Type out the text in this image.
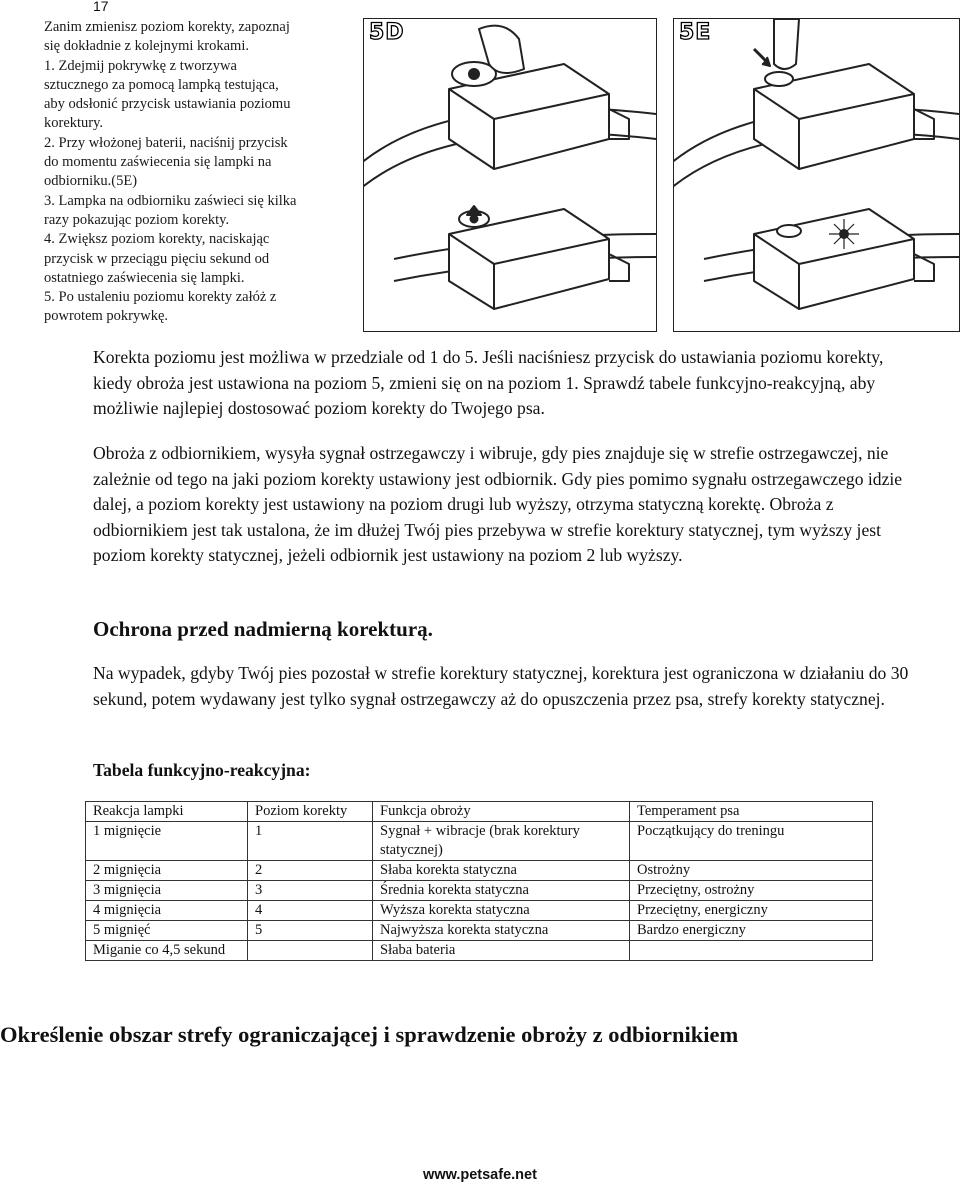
17
Zanim zmienisz poziom korekty, zapoznaj
się dokładnie z kolejnymi krokami.
1. Zdejmij pokrywkę z tworzywa
sztucznego za pomocą lampką testująca,
aby odsłonić przycisk ustawiania poziomu
korektury.
2. Przy włożonej baterii, naciśnij przycisk
do momentu zaświecenia się lampki na
odbiorniku.(5E)
3. Lampka na odbiorniku zaświeci się kilka
razy pokazując poziom korekty.
4. Zwiększ poziom korekty, naciskając
przycisk w przeciągu pięciu sekund od
ostatniego zaświecenia się lampki.
5. Po ustaleniu poziomu korekty załóż z
powrotem pokrywkę.
5D	5E

Korekta poziomu jest możliwa w przedziale od 1 do 5. Jeśli naciśniesz przycisk do ustawiania poziomu korekty, kiedy obroża jest ustawiona na poziom 5, zmieni się on na poziom 1. Sprawdź tabele funkcyjno-reakcyjną, aby możliwie najlepiej dostosować poziom korekty do Twojego psa.

Obroża z odbiornikiem, wysyła sygnał ostrzegawczy i wibruje, gdy pies znajduje się w strefie ostrzegawczej, nie zależnie od tego na jaki poziom korekty ustawiony jest odbiornik. Gdy pies pomimo sygnału ostrzegawczego idzie dalej, a poziom korekty jest ustawiony na poziom drugi lub wyższy, otrzyma statyczną korektę. Obroża z odbiornikiem jest tak ustalona, że im dłużej Twój pies przebywa w strefie korektury statycznej, tym wyższy jest poziom korekty statycznej, jeżeli odbiornik jest ustawiony na poziom 2 lub wyższy.

Ochrona przed nadmierną korekturą.

Na wypadek, gdyby Twój pies pozostał w strefie korektury statycznej, korektura jest ograniczona w działaniu do 30 sekund, potem wydawany jest tylko sygnał ostrzegawczy aż do opuszczenia przez psa, strefy korekty statycznej.

Tabela funkcyjno-reakcyjna:
Reakcja lampki	Poziom korekty	Funkcja obroży	Temperament psa
1 mignięcie	1	Sygnał + wibracje (brak korektury statycznej)	Początkujący do treningu
2 mignięcia	2	Słaba korekta statyczna	Ostrożny
3 mignięcia	3	Średnia korekta statyczna	Przeciętny, ostrożny
4 mignięcia	4	Wyższa korekta statyczna	Przeciętny, energiczny
5 mignięć	5	Najwyższa korekta statyczna	Bardzo energiczny
Miganie co 4,5 sekund		Słaba bateria	
Określenie obszar strefy ograniczającej i sprawdzenie obroży z odbiornikiem
www.petsafe.net
